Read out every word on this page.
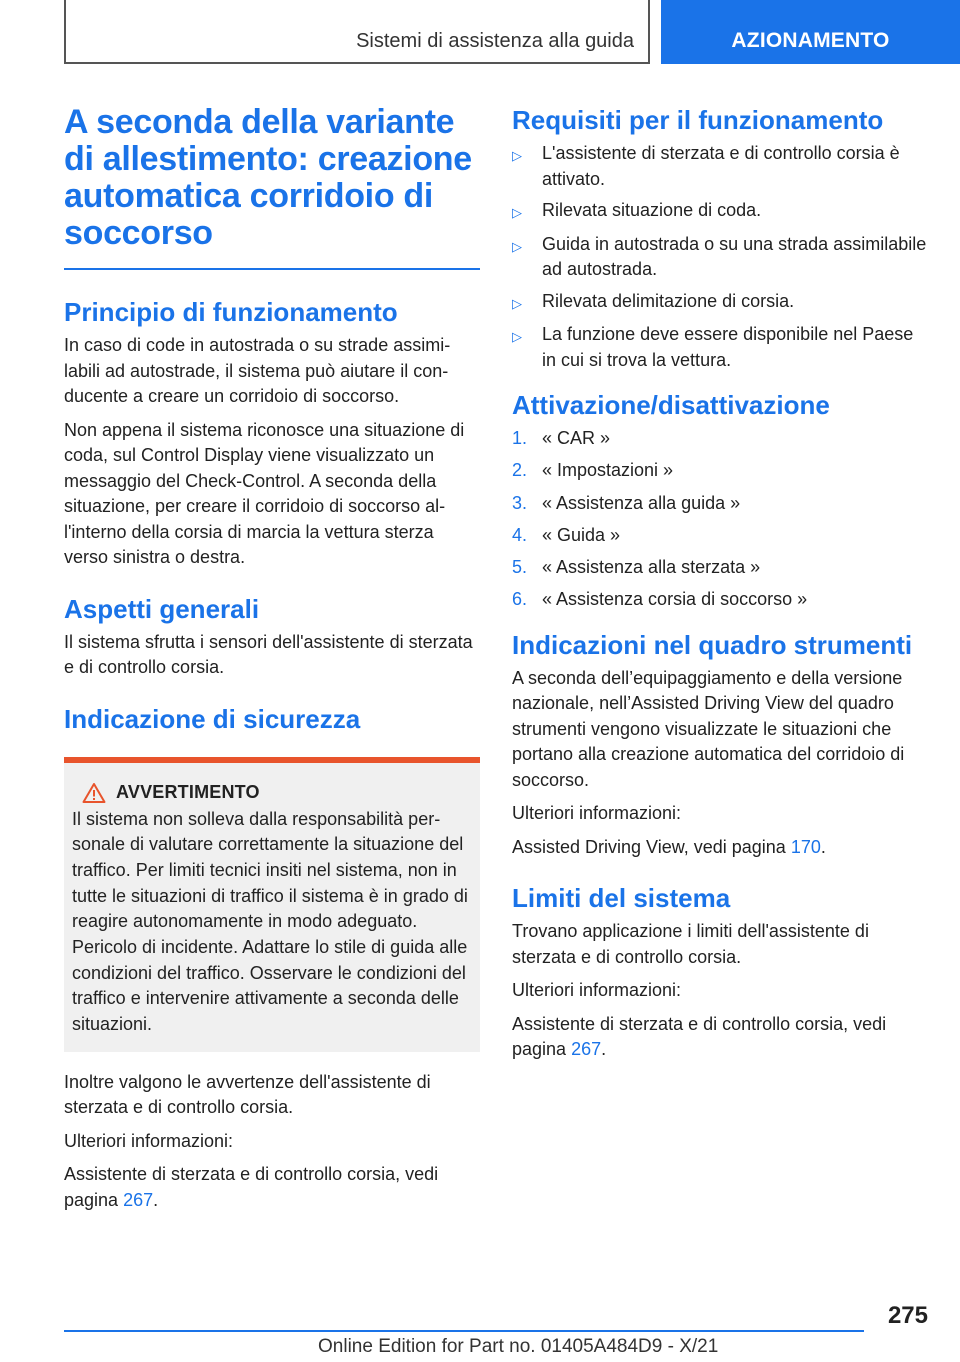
Sistemi di assistenza alla guida	AZIONAMENTO
A seconda della variante di allestimento: creazione automatica corridoio di soccorso
Principio di funzionamento

In caso di code in autostrada o su strade assimilabili ad autostrade, il sistema può aiutare il conducente a creare un corridoio di soccorso.

Non appena il sistema riconosce una situazione di coda, sul Control Display viene visualizzato un messaggio del Check-Control. A seconda della situazione, per creare il corridoio di soccorso all'interno della corsia di marcia la vettura sterza verso sinistra o destra.

Aspetti generali

Il sistema sfrutta i sensori dell'assistente di sterzata e di controllo corsia.

Indicazione di sicurezza
AVVERTIMENTO
Il sistema non solleva dalla responsabilità personale di valutare correttamente la situazione del traffico. Per limiti tecnici insiti nel sistema, non in tutte le situazioni di traffico il sistema è in grado di reagire autonomamente in modo adeguato. Pericolo di incidente. Adattare lo stile di guida alle condizioni del traffico. Osservare le condizioni del traffico e intervenire attivamente a seconda delle situazioni.

Inoltre valgono le avvertenze dell'assistente di sterzata e di controllo corsia.

Ulteriori informazioni:

Assistente di sterzata e di controllo corsia, vedi pagina 267.

Requisiti per il funzionamento
▷	L'assistente di sterzata e di controllo corsia è attivato.
▷	Rilevata situazione di coda.
▷	Guida in autostrada o su una strada assimilabile ad autostrada.
▷	Rilevata delimitazione di corsia.
▷	La funzione deve essere disponibile nel Paese in cui si trova la vettura.
Attivazione/disattivazione
1. « CAR »
2. « Impostazioni »
3. « Assistenza alla guida »
4. « Guida »
5. « Assistenza alla sterzata »
6. « Assistenza corsia di soccorso »
Indicazioni nel quadro strumenti

A seconda dell’equipaggiamento e della versione nazionale, nell’Assisted Driving View del quadro strumenti vengono visualizzate le situazioni che portano alla creazione automatica del corridoio di soccorso.

Ulteriori informazioni:

Assisted Driving View, vedi pagina 170.

Limiti del sistema

Trovano applicazione i limiti dell'assistente di sterzata e di controllo corsia.

Ulteriori informazioni:

Assistente di sterzata e di controllo corsia, vedi pagina 267.

275
Online Edition for Part no. 01405A484D9 - X/21
